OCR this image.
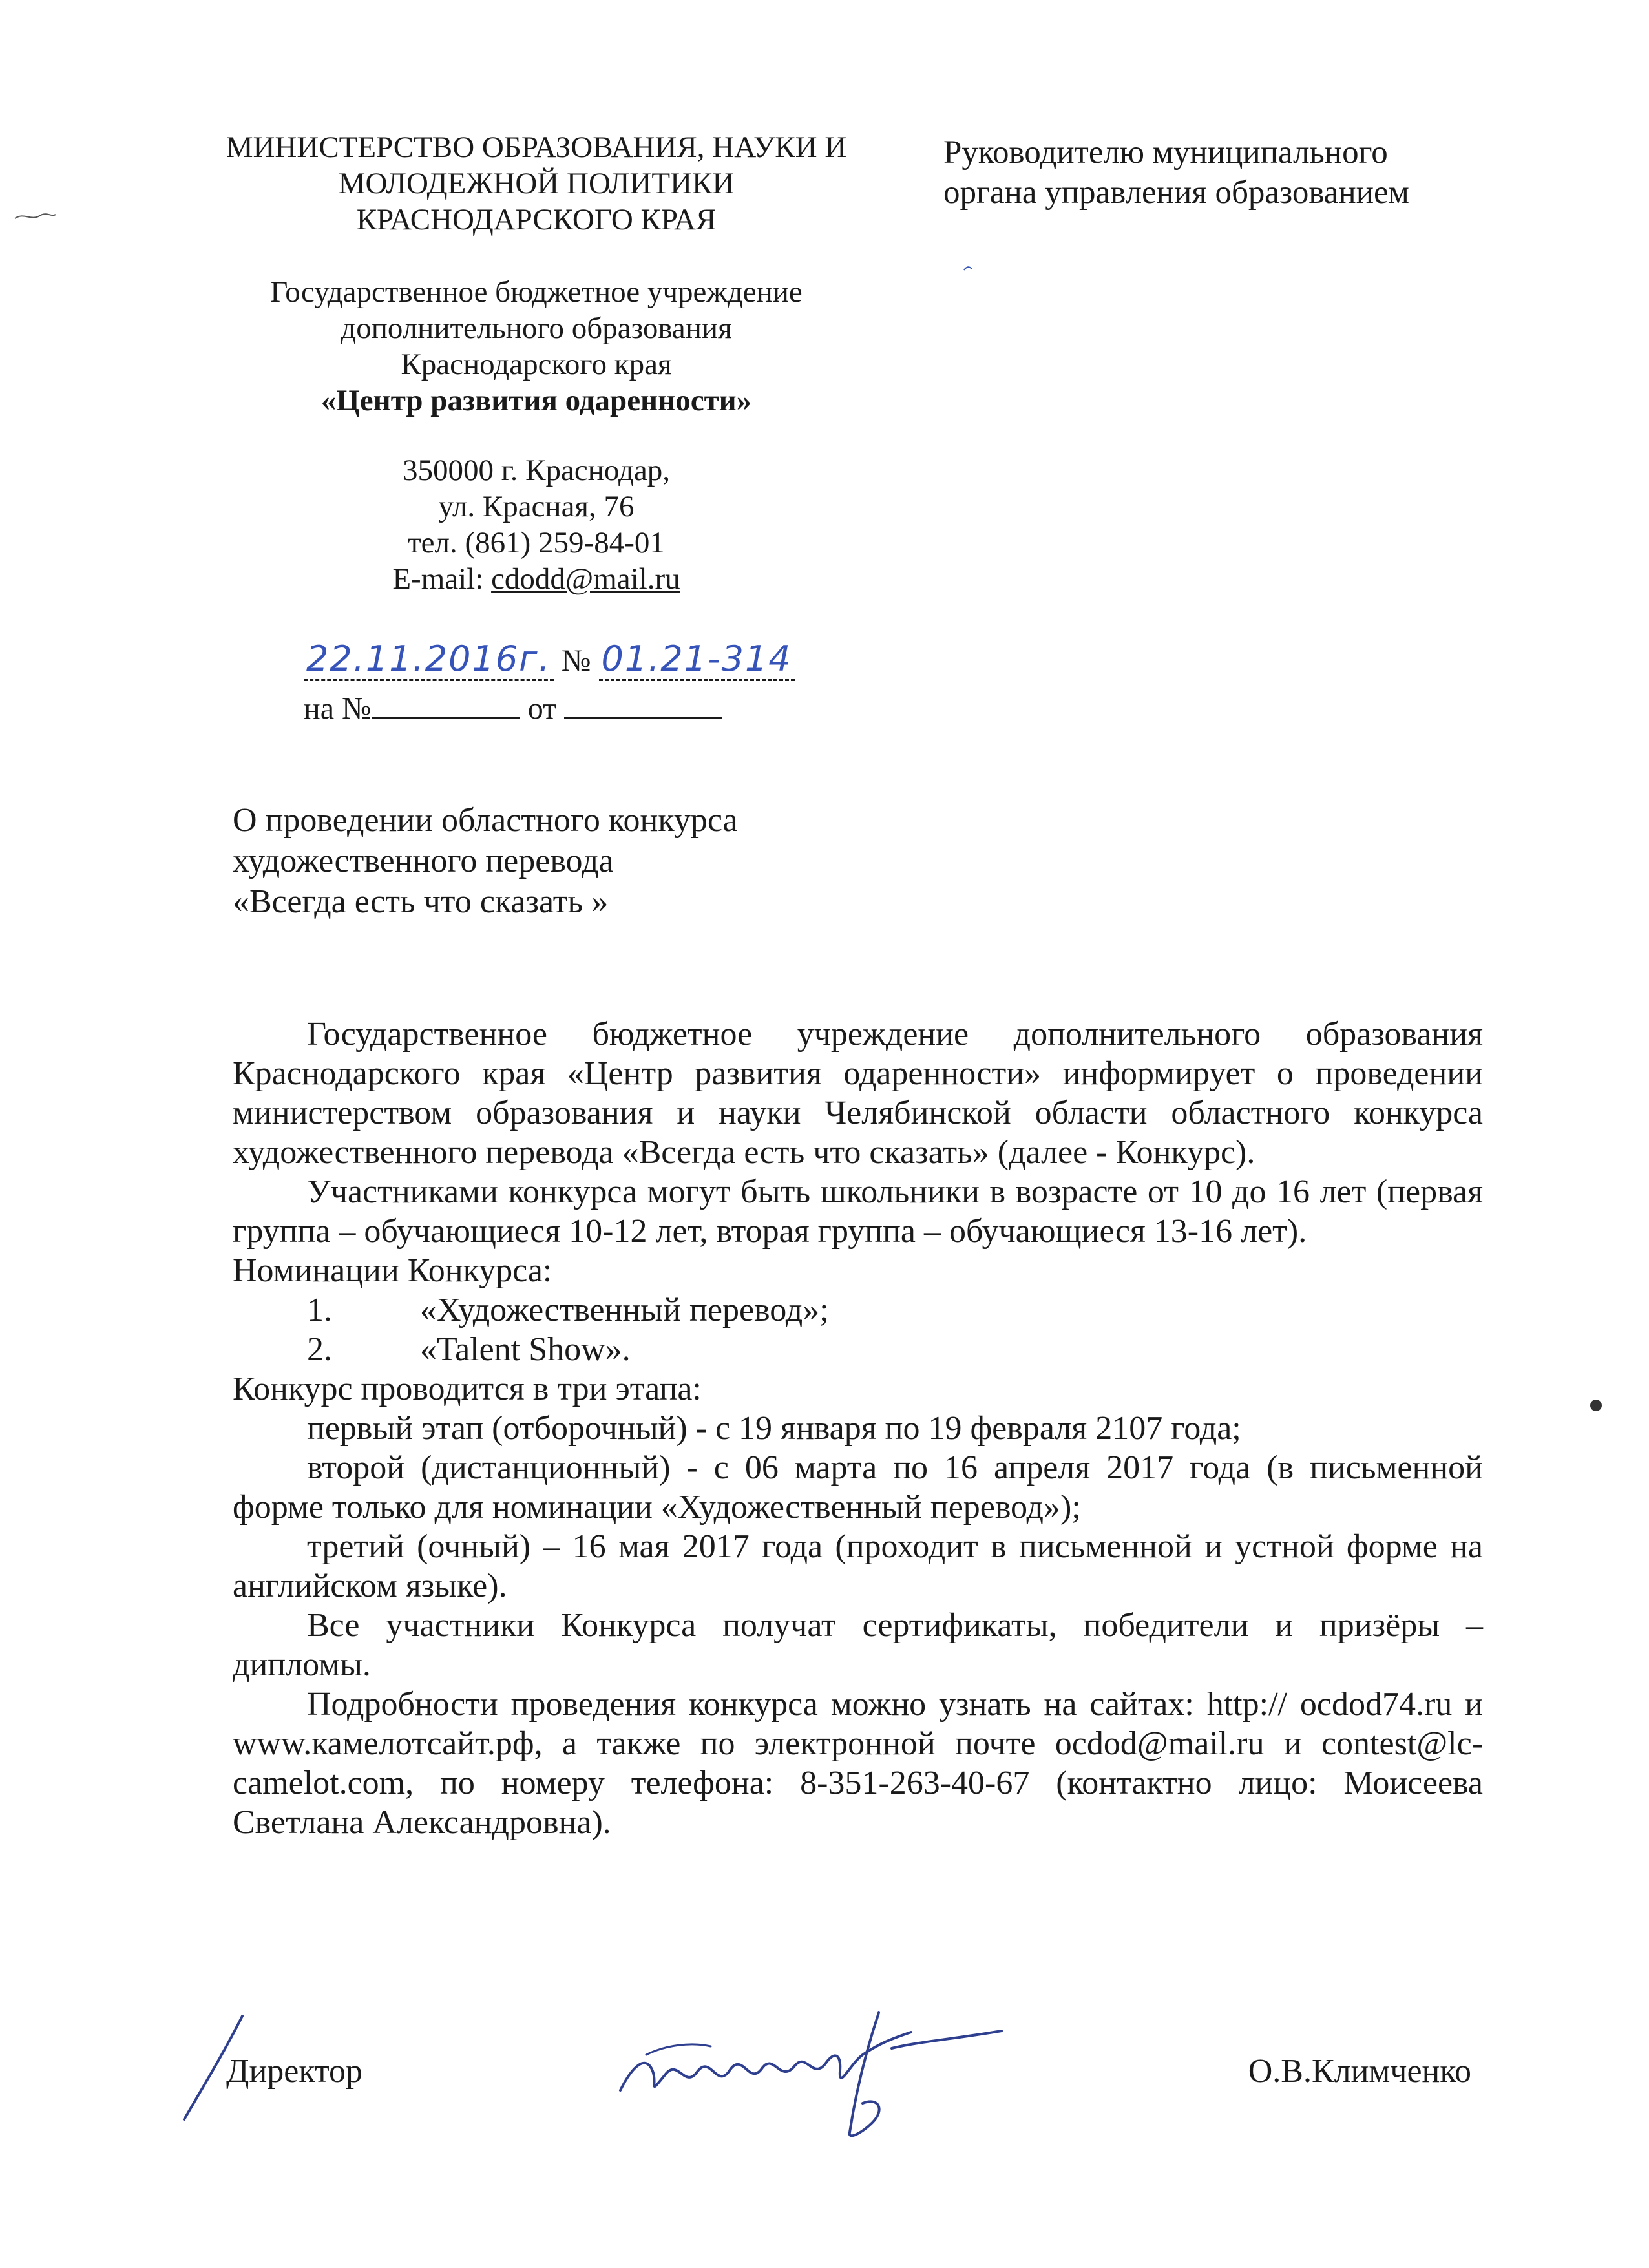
МИНИСТЕРСТВО ОБРАЗОВАНИЯ, НАУКИ И
МОЛОДЕЖНОЙ ПОЛИТИКИ
КРАСНОДАРСКОГО КРАЯ
Государственное бюджетное учреждение
дополнительного образования
Краснодарского края
«Центр развития одаренности»
350000 г. Краснодар,
ул. Красная, 76
тел. (861) 259-84-01
E-mail: cdodd@mail.ru
Руководителю муниципального
органа управления образованием
22.11.2016г. № 01.21-314
на №	от
О проведении областного конкурса
художественного перевода
«Всегда есть что сказать »

Государственное бюджетное учреждение дополнительного образования Краснодарского края «Центр развития одаренности» информирует о проведении министерством образования и науки Челябинской области областного конкурса художественного перевода «Всегда есть что сказать» (далее - Конкурс).

Участниками конкурса могут быть школьники в возрасте от 10 до 16 лет (первая группа – обучающиеся 10-12 лет, вторая группа – обучающиеся 13-16 лет).

Номинации Конкурса:

1.	«Художественный перевод»;

2.	«Talent Show».

Конкурс проводится в три этапа:

первый этап (отборочный) - с 19 января по 19 февраля 2107 года;

второй (дистанционный) - с 06 марта по 16 апреля 2017 года (в письменной форме только для номинации «Художественный перевод»);

третий (очный) – 16 мая 2017 года (проходит в письменной и устной форме на английском языке).

Все участники Конкурса получат сертификаты, победители и призёры – дипломы.

Подробности проведения конкурса можно узнать на сайтах: http:// ocdod74.ru и www.камелотсайт.рф, а также по электронной почте ocdod@mail.ru и contest@lc-camelot.com, по номеру телефона: 8-351-263-40-67 (контактно лицо: Моисеева Светлана Александровна).

Директор	О.В.Климченко
